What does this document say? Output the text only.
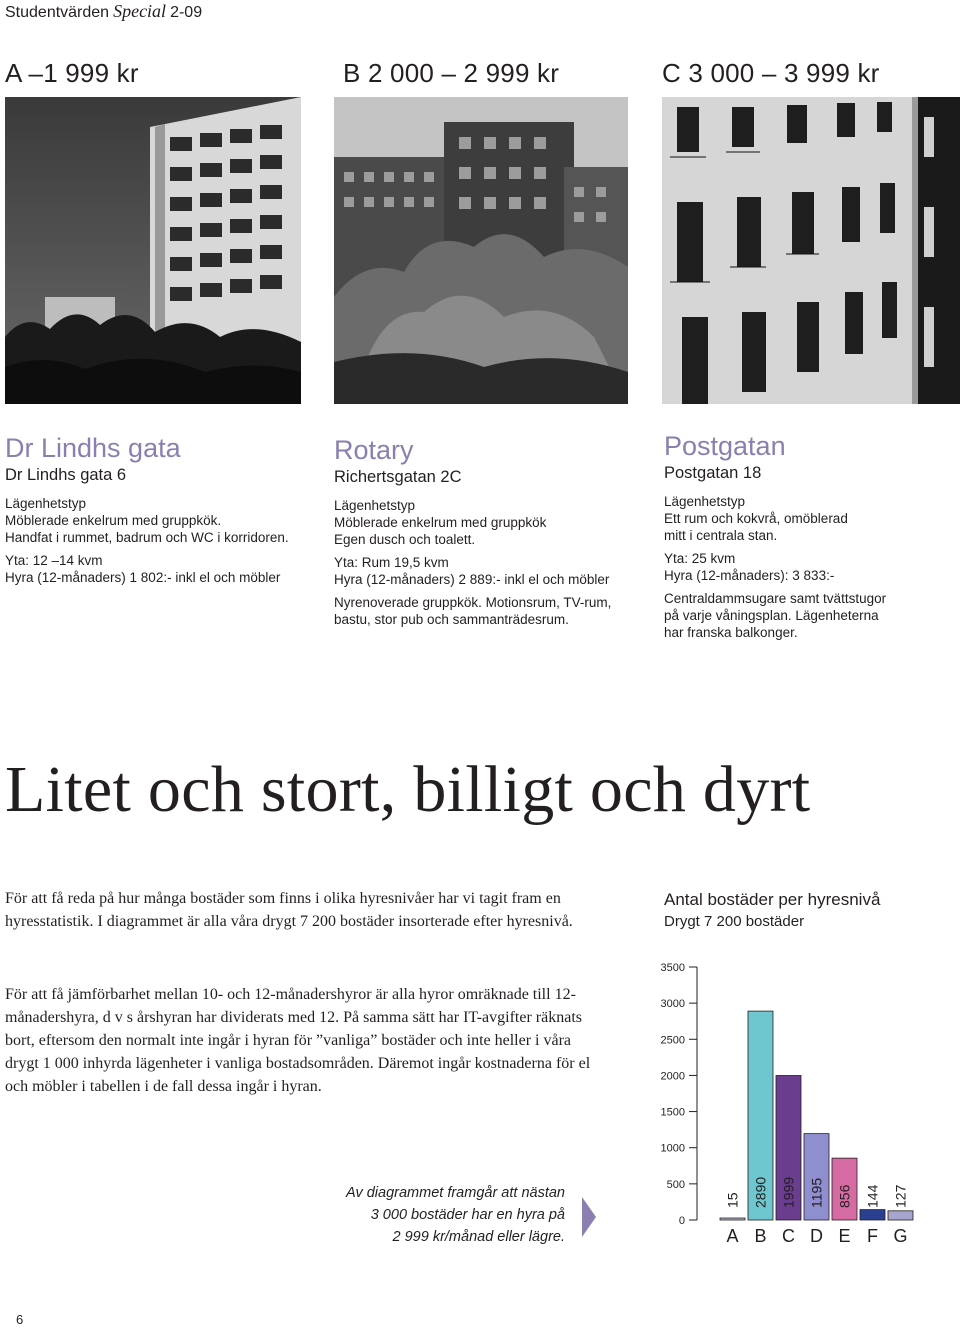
Studentvärden Special 2-09
A –1 999 kr	B 2 000 – 2 999 kr	C 3 000 – 3 999 kr
Dr Lindhs gata
Dr Lindhs gata 6

Lägenhetstyp

Möblerade enkelrum med gruppkök.

Handfat i rummet, badrum och WC i korridoren.

Yta: 12 –14 kvm

Hyra (12-månaders) 1 802:- inkl el och möbler

Rotary
Richertsgatan 2C

Lägenhetstyp

Möblerade enkelrum med gruppkök

Egen dusch och toalett.

Yta: Rum 19,5 kvm

Hyra (12-månaders) 2 889:- inkl el och möbler

Nyrenoverade gruppkök. Motionsrum, TV-rum,

bastu, stor pub och sammanträdesrum.

Postgatan
Postgatan 18

Lägenhetstyp

Ett rum och kokvrå, omöblerad

mitt i centrala stan.

Yta: 25 kvm

Hyra (12-månaders): 3 833:-

Centraldammsugare samt tvättstugor

på varje våningsplan. Lägenheterna

har franska balkonger.

Litet och stort, billigt och dyrt

För att få reda på hur många bostäder som finns i olika hyresnivåer har vi tagit fram en hyresstatistik. I diagrammet är alla våra drygt 7 200 bostäder insorterade efter hyresnivå.

För att få jämförbarhet mellan 10- och 12-månadershyror är alla hyror omräknade till 12-månadershyra, d v s årshyran har dividerats med 12. På samma sätt har IT-avgifter räknats bort, eftersom den normalt inte ingår i hyran för ”vanliga” bostäder och inte heller i våra drygt 1 000 inhyrda lägenheter i vanliga bostadsområden. Däremot ingår kostnaderna för el och möbler i tabellen i de fall dessa ingår i hyran.

Av diagrammet framgår att nästan
3 000 bostäder har en hyra på
2 999 kr/månad eller lägre.
Antal bostäder per hyresnivå
Drygt 7 200 bostäder
3500
3000
2500
2000
1500
1000
500
0
15
A
2890
B
1999
C
1195
D
856
E
144
F
127
G
6
